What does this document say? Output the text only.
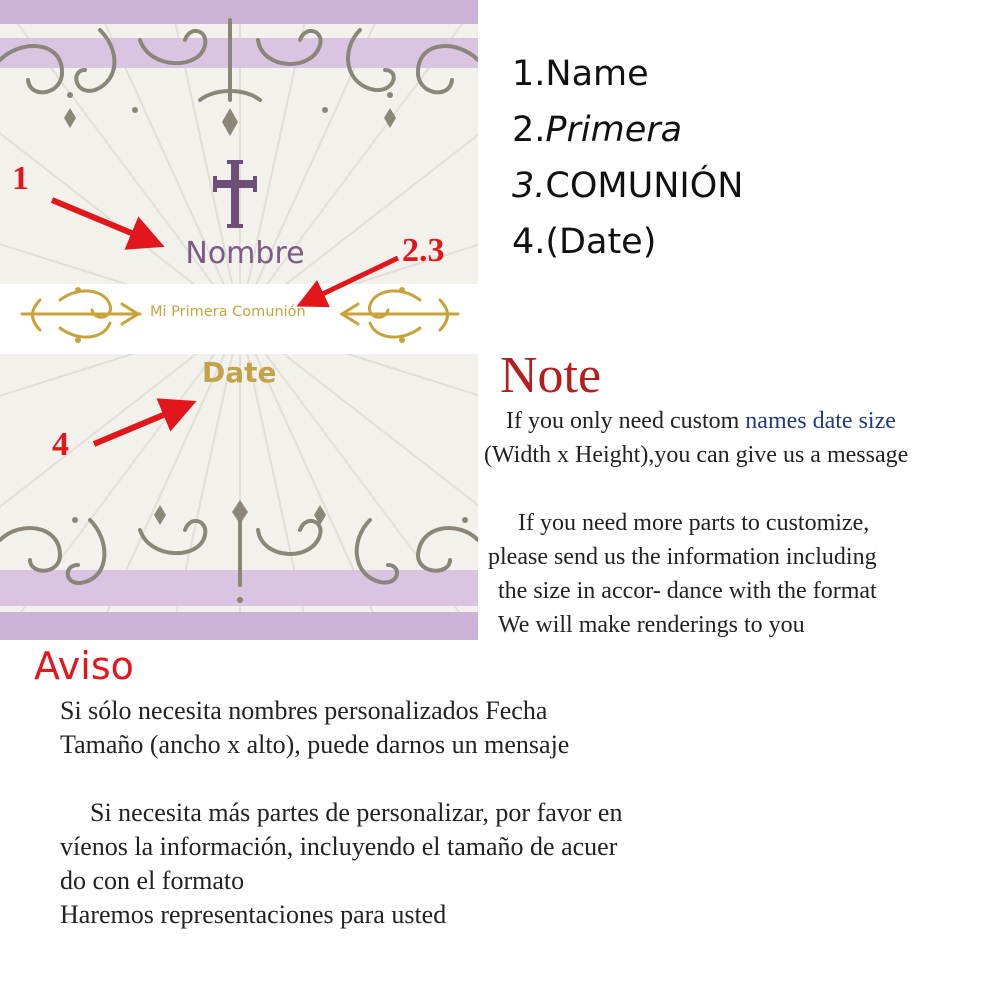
Nombre
Mi Primera Comunión
Date
1
2.3
4
1.Name
2.Primera
3.COMUNIÓN
4.(Date)
Note
If you only need custom names date size
(Width x Height),you can give us a message
If you need more parts to customize,
please send us the information including
the size in accor- dance with the format
We will make renderings to you
Aviso
Si sólo necesita nombres personalizados Fecha
Tamaño (ancho x alto), puede darnos un mensaje
Si necesita más partes de personalizar, por favor en
víenos la información, incluyendo el tamaño de acuer
do con el formato
Haremos representaciones para usted
